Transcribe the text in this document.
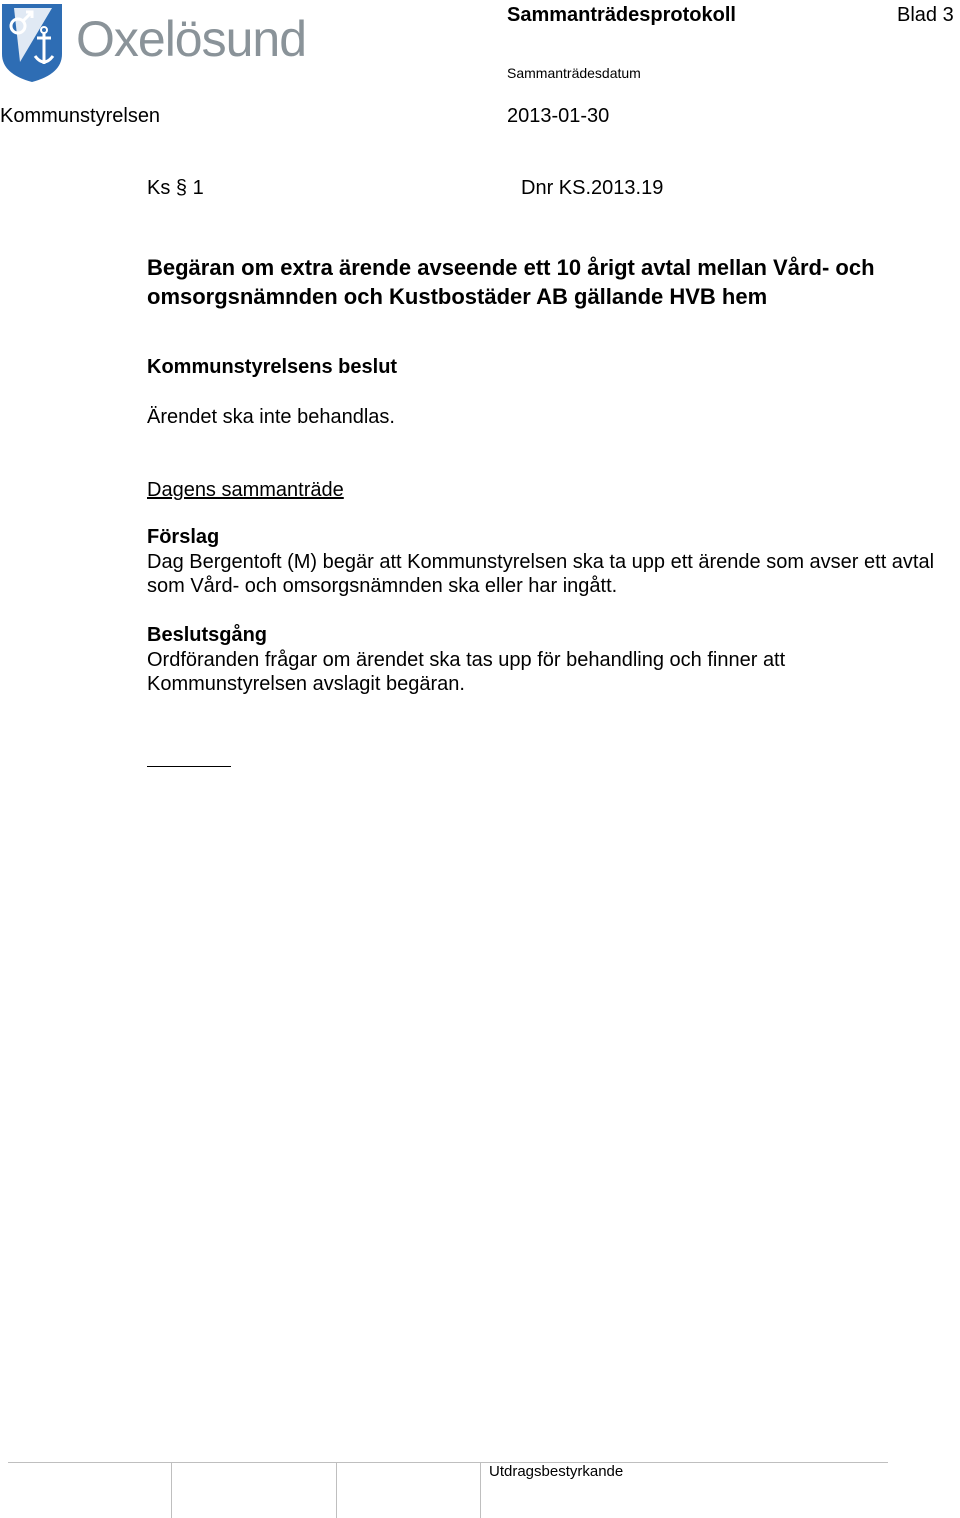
Oxelösund	Sammanträdesprotokoll	Blad 3
Sammanträdesdatum
Kommunstyrelsen	2013-01-30
Ks § 1	Dnr KS.2013.19
Begäran om extra ärende avseende ett 10 årigt avtal mellan Vård- och omsorgsnämnden och Kustbostäder AB gällande HVB hem
Kommunstyrelsens beslut
Ärendet ska inte behandlas.
Dagens sammanträde
Förslag
Dag Bergentoft (M) begär att Kommunstyrelsen ska ta upp ett ärende som avser ett avtal som Vård- och omsorgsnämnden ska eller har ingått.
Beslutsgång
Ordföranden frågar om ärendet ska tas upp för behandling och finner att Kommunstyrelsen avslagit begäran.
Utdragsbestyrkande
